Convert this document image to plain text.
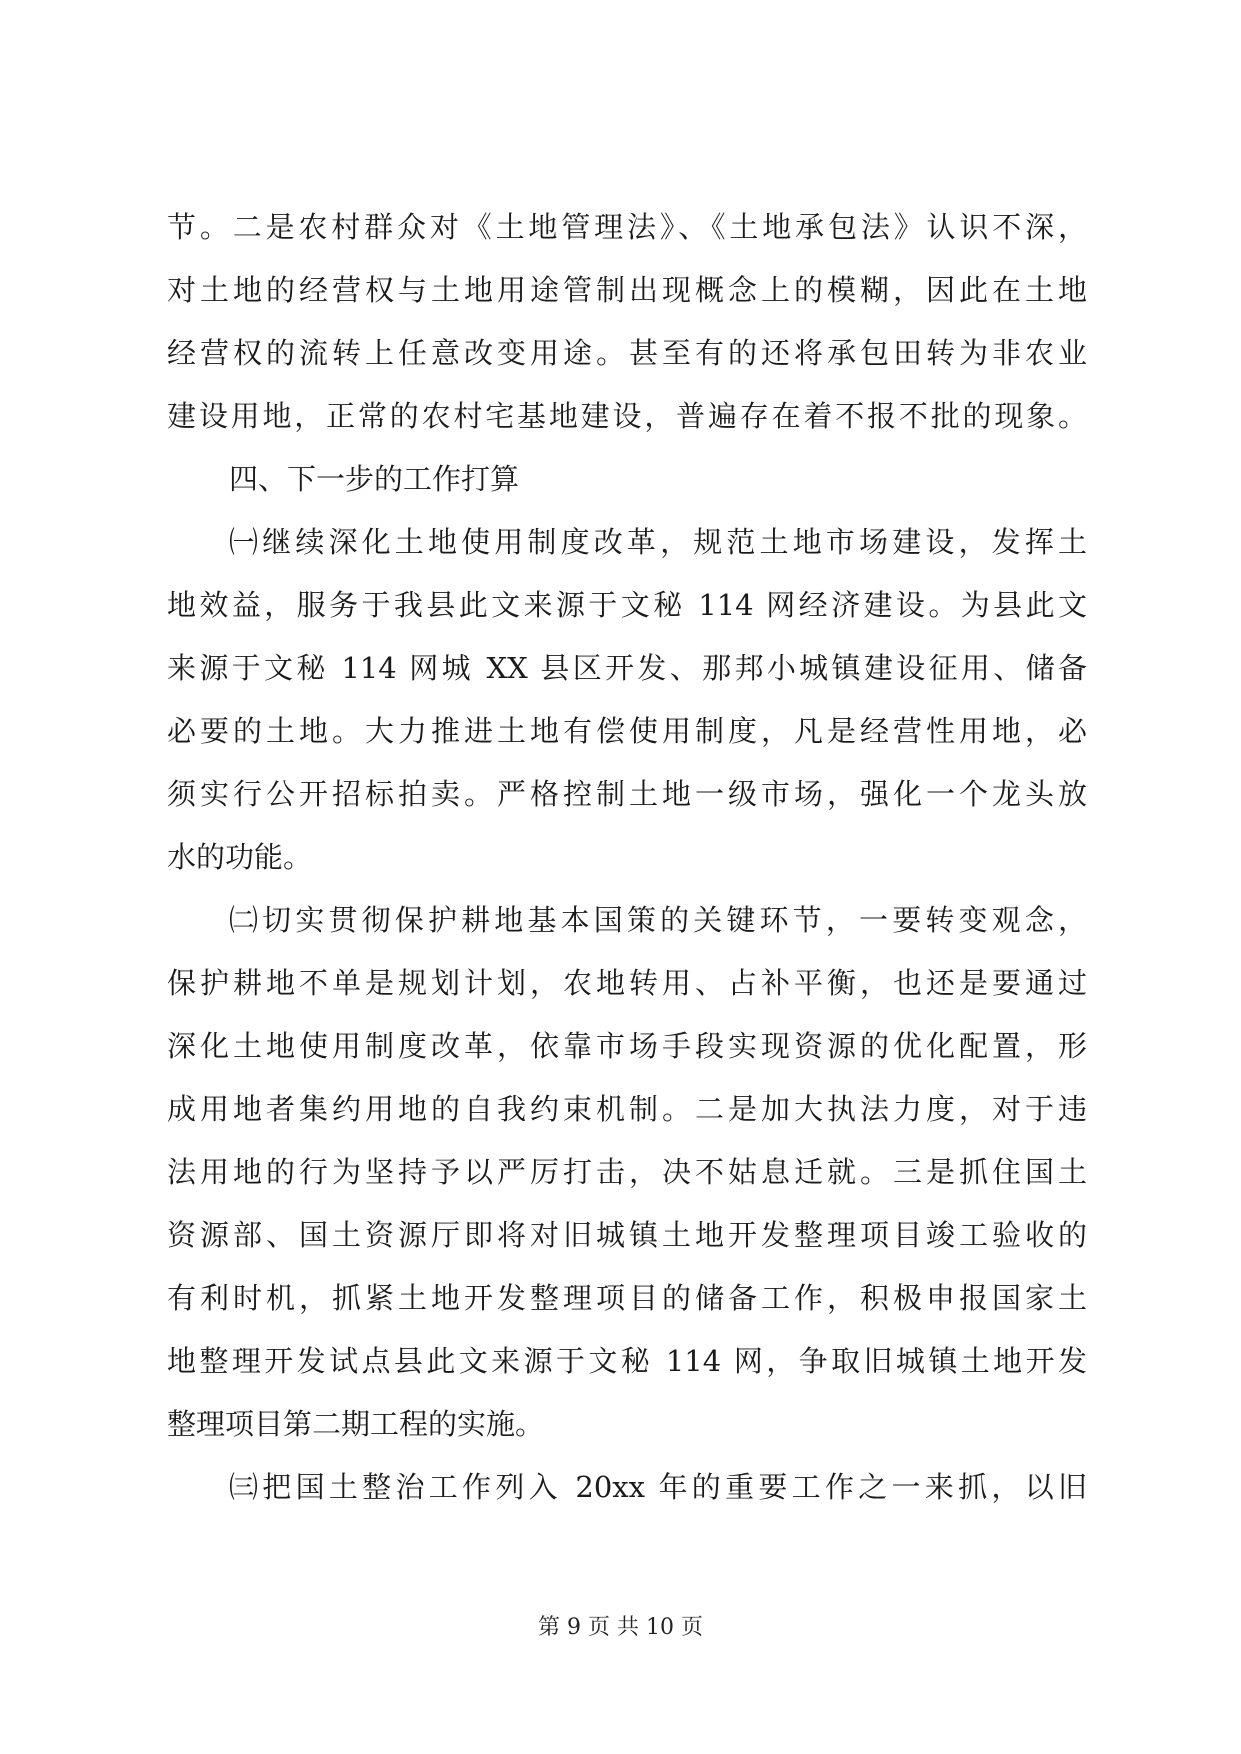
节。二是农村群众对《土地管理法》、《土地承包法》认识不深，
对土地的经营权与土地用途管制出现概念上的模糊，因此在土地
经营权的流转上任意改变用途。甚至有的还将承包田转为非农业
建设用地，正常的农村宅基地建设，普遍存在着不报不批的现象。
四、下一步的工作打算
㈠继续深化土地使用制度改革，规范土地市场建设，发挥土
地效益，服务于我县此文来源于文秘 114 网经济建设。为县此文
来源于文秘 114 网城 XX 县区开发、那邦小城镇建设征用、储备
必要的土地。大力推进土地有偿使用制度，凡是经营性用地，必
须实行公开招标拍卖。严格控制土地一级市场，强化一个龙头放
水的功能。
㈡切实贯彻保护耕地基本国策的关键环节，一要转变观念，
保护耕地不单是规划计划，农地转用、占补平衡，也还是要通过
深化土地使用制度改革，依靠市场手段实现资源的优化配置，形
成用地者集约用地的自我约束机制。二是加大执法力度，对于违
法用地的行为坚持予以严厉打击，决不姑息迁就。三是抓住国土
资源部、国土资源厅即将对旧城镇土地开发整理项目竣工验收的
有利时机，抓紧土地开发整理项目的储备工作，积极申报国家土
地整理开发试点县此文来源于文秘 114 网，争取旧城镇土地开发
整理项目第二期工程的实施。
㈢把国土整治工作列入 20xx 年的重要工作之一来抓，以旧
第 9 页 共 10 页
